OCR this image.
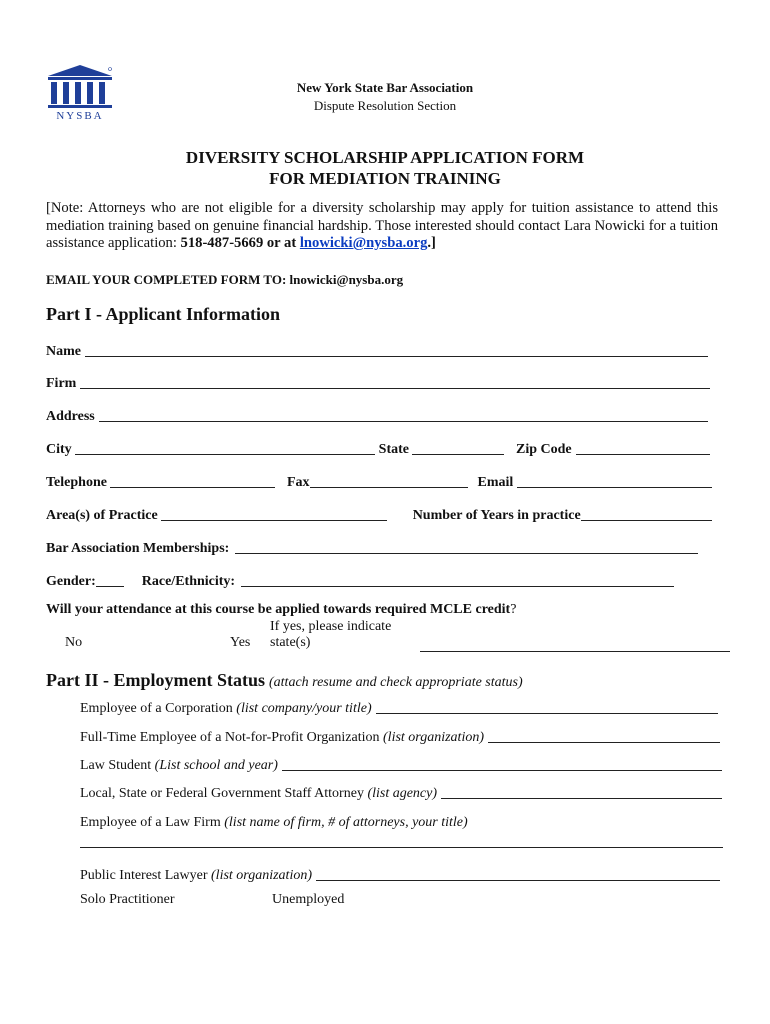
NYSBA
New York State Bar Association
Dispute Resolution Section
DIVERSITY SCHOLARSHIP APPLICATION FORM
FOR MEDIATION TRAINING
[Note: Attorneys who are not eligible for a diversity scholarship may apply for tuition assistance to attend this mediation training based on genuine financial hardship. Those interested should contact Lara Nowicki for a tuition assistance application: 518-487-5669 or at lnowicki@nysba.org.]
EMAIL YOUR COMPLETED FORM TO: lnowicki@nysba.org
Part I - Applicant Information
Name
Firm
Address
City	State	Zip Code
Telephone	Fax	Email
Area(s) of Practice	Number of Years in practice
Bar Association Memberships:
Gender:	Race/Ethnicity:
Will your attendance at this course be applied towards required MCLE credit?
No	Yes
If yes, please indicate
state(s)
Part II - Employment Status (attach resume and check appropriate status)
Employee of a Corporation (list company/your title)
Full-Time Employee of a Not-for-Profit Organization (list organization)
Law Student (List school and year)
Local, State or Federal Government Staff Attorney (list agency)
Employee of a Law Firm (list name of firm, # of attorneys, your title)
Public Interest Lawyer (list organization)
Solo Practitioner	Unemployed
